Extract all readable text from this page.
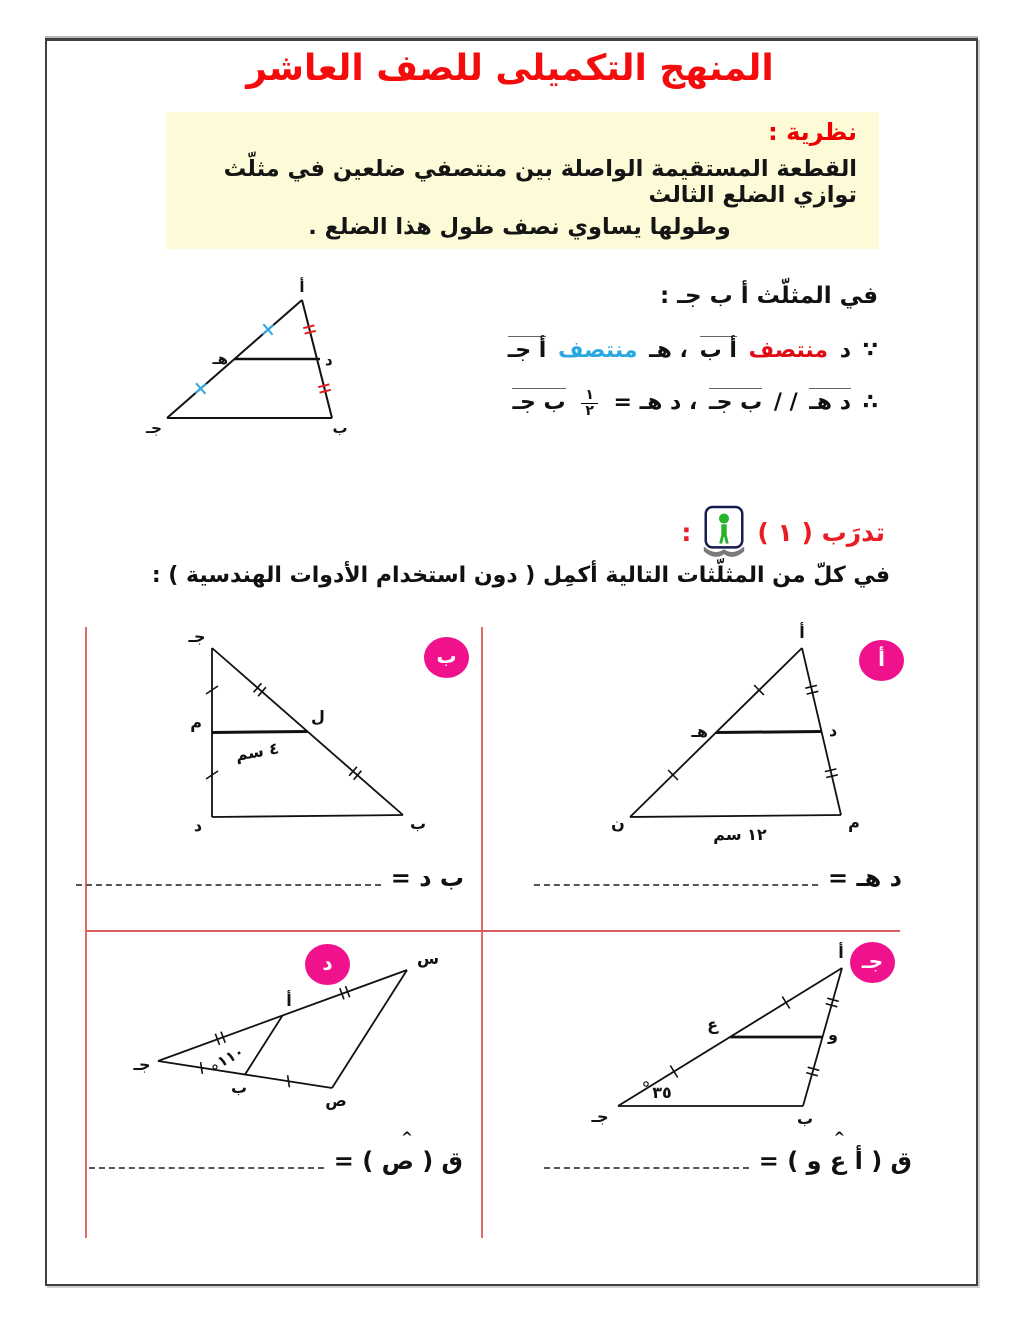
المنهج التكميلى للصف العاشر
نظرية :
القطعة المستقيمة الواصلة بين منتصفي ضلعين في مثلّث توازي الضلع الثالث
وطولها يساوي نصف طول هذا الضلع .
في المثلّث أ ب جـ :
∵ د منتصف أ ب ، هـ منتصف أ جـ
∴ د هـ / / ب جـ ، د هـ =
$\frac{١}{٢}$
ب جـ
أ
جـ	ب
هـ	د
تدرَب ( ١ )
:
في كلّ من المثلّثات التالية أكمِل ( دون استخدام الأدوات الهندسية ) :
أ
أ
ن	م
هـ	د
١٢ سم
ب
جـ
د	ب
م	ل
٤ سم
د هـ =
ب د =
جـ
أ
جـ	ب
ع
و
٣٥
د	س
جـ
ص
أ
ب
١١٠
ق ( أ
^
ع و ) =
ق (
^
ص ) =
